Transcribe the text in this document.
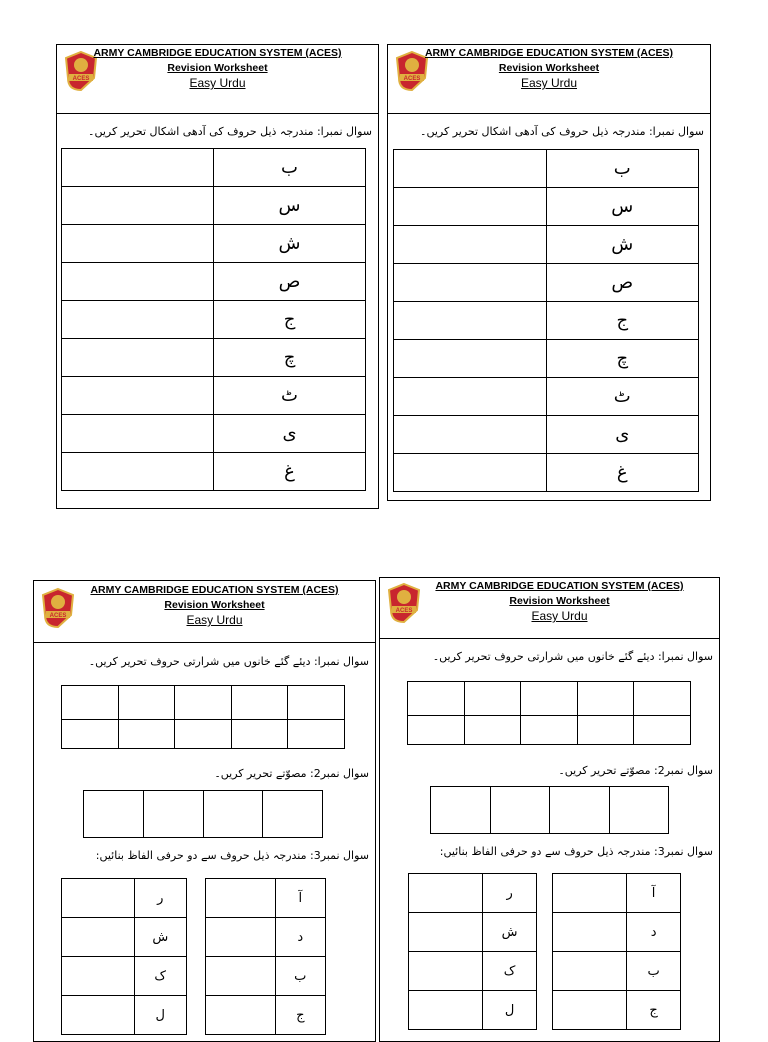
ACES
ARMY CAMBRIDGE EDUCATION SYSTEM (ACES)
Revision Worksheet
Easy Urdu
سوال نمبرا: مندرجہ ذیل حروف کی آدھی اشکال تحریر کریں۔
	ب
	س
	ش
	ص
	ج
	چ
	ٹ
	ی
	غ
ACES
ARMY CAMBRIDGE EDUCATION SYSTEM (ACES)
Revision Worksheet
Easy Urdu
سوال نمبرا: مندرجہ ذیل حروف کی آدھی اشکال تحریر کریں۔
	ب
	س
	ش
	ص
	ج
	چ
	ٹ
	ی
	غ
ACES
ARMY CAMBRIDGE EDUCATION SYSTEM (ACES)
Revision Worksheet
Easy Urdu
سوال نمبرا: دیئے گئے خانوں میں شرارتی حروف تحریر کریں۔

سوال نمبر2: مصوّتے تحریر کریں۔

سوال نمبر3: مندرجہ ذیل حروف سے دو حرفی الفاظ بنائیں:
	ر
	ش
	ک
	ل
	آ
	د
	ب
	ج
ACES
ARMY CAMBRIDGE EDUCATION SYSTEM (ACES)
Revision Worksheet
Easy Urdu
سوال نمبرا: دیئے گئے خانوں میں شرارتی حروف تحریر کریں۔

سوال نمبر2: مصوّتے تحریر کریں۔

سوال نمبر3: مندرجہ ذیل حروف سے دو حرفی الفاظ بنائیں:
	ر
	ش
	ک
	ل
	آ
	د
	ب
	ج
